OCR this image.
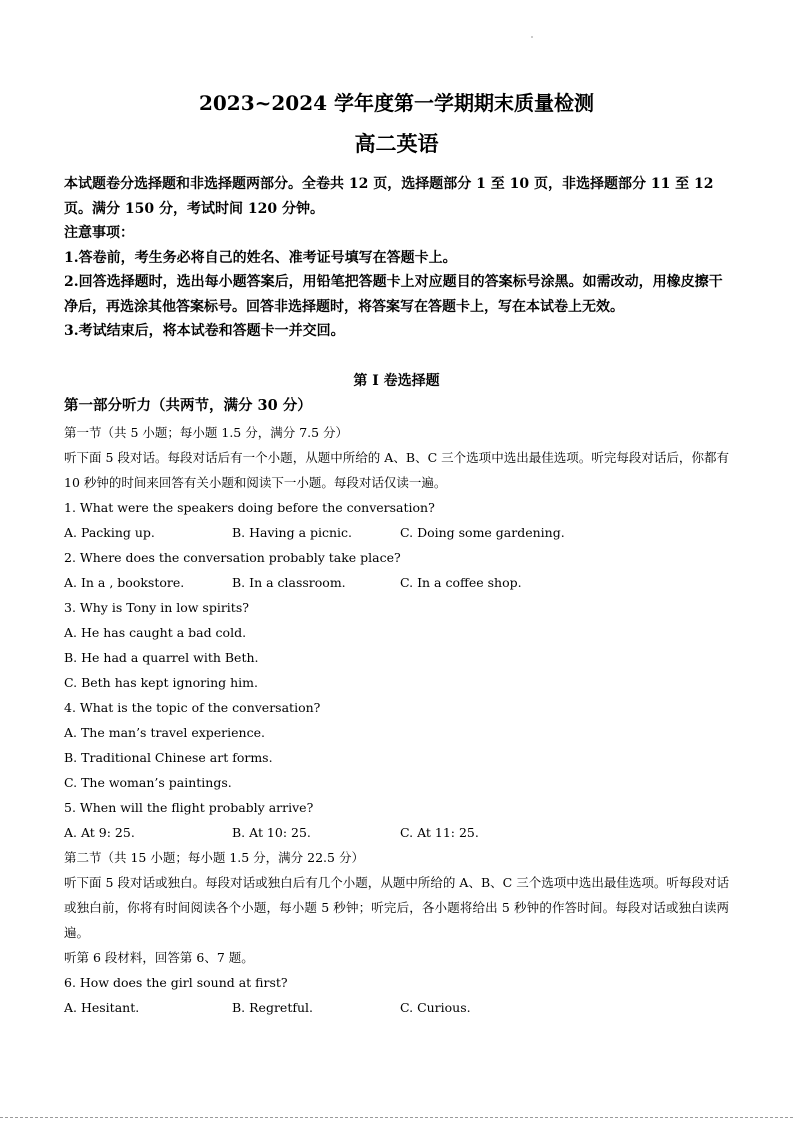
2023~2024 学年度第一学期期末质量检测
高二英语

本试题卷分选择题和非选择题两部分。全卷共 12 页，选择题部分 1 至 10 页，非选择题部分 11 至 12 页。满分 150 分，考试时间 120 分钟。

注意事项：

1.答卷前，考生务必将自己的姓名、准考证号填写在答题卡上。

2.回答选择题时，选出每小题答案后，用铅笔把答题卡上对应题目的答案标号涂黑。如需改动，用橡皮擦干净后，再选涂其他答案标号。回答非选择题时，将答案写在答题卡上，写在本试卷上无效。

3.考试结束后，将本试卷和答题卡一并交回。

第 I 卷选择题

第一部分听力（共两节，满分 30 分）

第一节（共 5 小题；每小题 1.5 分，满分 7.5 分）

听下面 5 段对话。每段对话后有一个小题，从题中所给的 A、B、C 三个选项中选出最佳选项。听完每段对话后，你都有 10 秒钟的时间来回答有关小题和阅读下一小题。每段对话仅读一遍。

1. What were the speakers doing before the conversation?

A. Packing up.	B. Having a picnic.	C. Doing some gardening.

2. Where does the conversation probably take place?

A. In a , bookstore.	B. In a classroom.	C. In a coffee shop.

3. Why is Tony in low spirits?

A. He has caught a bad cold.

B. He had a quarrel with Beth.

C. Beth has kept ignoring him.

4. What is the topic of the conversation?

A. The man’s travel experience.

B. Traditional Chinese art forms.

C. The woman’s paintings.

5. When will the flight probably arrive?

A. At 9: 25.	B. At 10: 25.	C. At 11: 25.

第二节（共 15 小题；每小题 1.5 分，满分 22.5 分）

听下面 5 段对话或独白。每段对话或独白后有几个小题，从题中所给的 A、B、C 三个选项中选出最佳选项。听每段对话或独白前，你将有时间阅读各个小题，每小题 5 秒钟；听完后，各小题将给出 5 秒钟的作答时间。每段对话或独白读两遍。

听第 6 段材料，回答第 6、7 题。

6. How does the girl sound at first?

A. Hesitant.	B. Regretful.	C. Curious.
